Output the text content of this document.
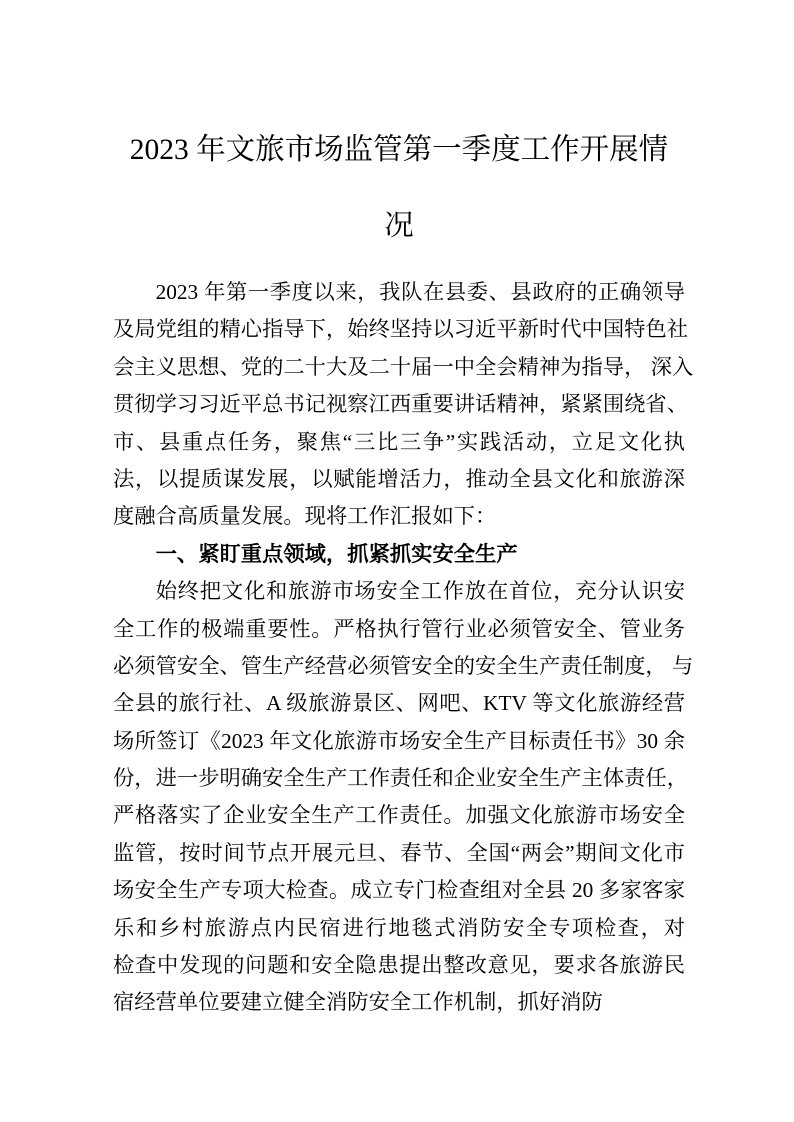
2023 年文旅市场监管第一季度工作开展情
况
2023 年第一季度以来，我队在县委、县政府的正确领导
及局党组的精心指导下，始终坚持以习近平新时代中国特色社
会主义思想、党的二十大及二十届一中全会精神为指导， 深入
贯彻学习习近平总书记视察江西重要讲话精神，紧紧围绕省、
市、县重点任务，聚焦“三比三争”实践活动，立足文化执
法，以提质谋发展，以赋能增活力，推动全县文化和旅游深
度融合高质量发展。现将工作汇报如下：
一、紧盯重点领域，抓紧抓实安全生产
始终把文化和旅游市场安全工作放在首位，充分认识安
全工作的极端重要性。严格执行管行业必须管安全、管业务
必须管安全、管生产经营必须管安全的安全生产责任制度， 与
全县的旅行社、A 级旅游景区、网吧、KTV 等文化旅游经营
场所签订《2023 年文化旅游市场安全生产目标责任书》30 余
份，进一步明确安全生产工作责任和企业安全生产主体责任，
严格落实了企业安全生产工作责任。加强文化旅游市场安全
监管，按时间节点开展元旦、春节、全国“两会”期间文化市
场安全生产专项大检查。成立专门检查组对全县 20 多家客家
乐和乡村旅游点内民宿进行地毯式消防安全专项检查，对
检查中发现的问题和安全隐患提出整改意见，要求各旅游民
宿经营单位要建立健全消防安全工作机制，抓好消防
